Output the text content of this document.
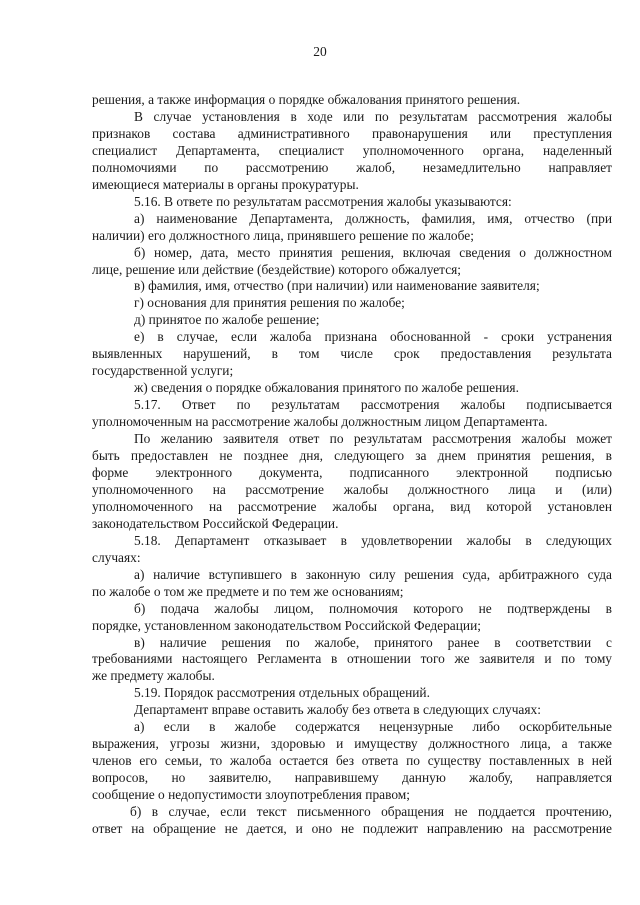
20

решения, а также информация о порядке обжалования принятого решения.

В случае установления в ходе или по результатам рассмотрения жалобы

признаков состава административного правонарушения или преступления

специалист Департамента, специалист уполномоченного органа, наделенный

полномочиями по рассмотрению жалоб, незамедлительно направляет

имеющиеся материалы в органы прокуратуры.

5.16. В ответе по результатам рассмотрения жалобы указываются:

а) наименование Департамента, должность, фамилия, имя, отчество (при

наличии) его должностного лица, принявшего решение по жалобе;

б) номер, дата, место принятия решения, включая сведения о должностном

лице, решение или действие (бездействие) которого обжалуется;

в) фамилия, имя, отчество (при наличии) или наименование заявителя;

г) основания для принятия решения по жалобе;

д) принятое по жалобе решение;

е) в случае, если жалоба признана обоснованной - сроки устранения

выявленных нарушений, в том числе срок предоставления результата

государственной услуги;

ж) сведения о порядке обжалования принятого по жалобе решения.

5.17. Ответ по результатам рассмотрения жалобы подписывается

уполномоченным на рассмотрение жалобы должностным лицом Департамента.

По желанию заявителя ответ по результатам рассмотрения жалобы может

быть предоставлен не позднее дня, следующего за днем принятия решения, в

форме электронного документа, подписанного электронной подписью

уполномоченного на рассмотрение жалобы должностного лица и (или)

уполномоченного на рассмотрение жалобы органа, вид которой установлен

законодательством Российской Федерации.

5.18. Департамент отказывает в удовлетворении жалобы в следующих

случаях:

а) наличие вступившего в законную силу решения суда, арбитражного суда

по жалобе о том же предмете и по тем же основаниям;

б) подача жалобы лицом, полномочия которого не подтверждены в

порядке, установленном законодательством Российской Федерации;

в) наличие решения по жалобе, принятого ранее в соответствии с

требованиями настоящего Регламента в отношении того же заявителя и по тому

же предмету жалобы.

5.19. Порядок рассмотрения отдельных обращений.

Департамент вправе оставить жалобу без ответа в следующих случаях:

а) если в жалобе содержатся нецензурные либо оскорбительные

выражения, угрозы жизни, здоровью и имуществу должностного лица, а также

членов его семьи, то жалоба остается без ответа по существу поставленных в ней

вопросов, но заявителю, направившему данную жалобу, направляется

сообщение о недопустимости злоупотребления правом;

б) в случае, если текст письменного обращения не поддается прочтению,

ответ на обращение не дается, и оно не подлежит направлению на рассмотрение
